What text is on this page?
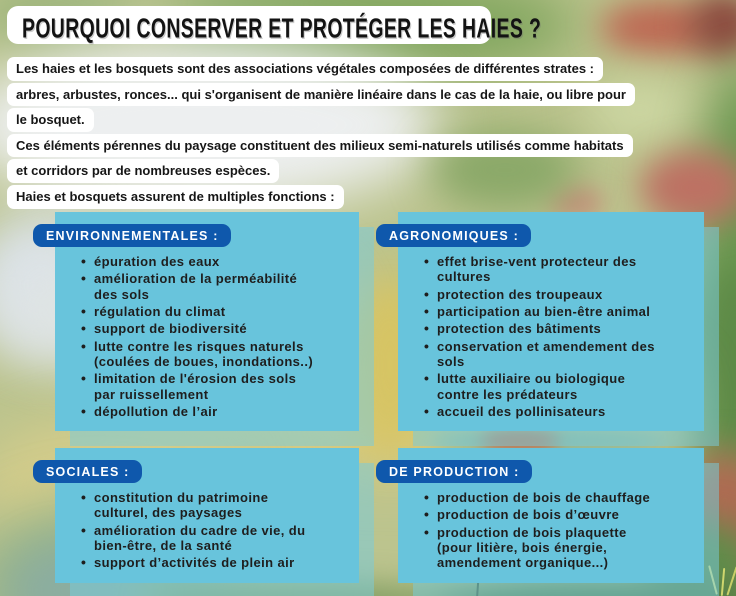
POURQUOI CONSERVER ET PROTÉGER LES HAIES ?
Les haies et les bosquets sont des associations végétales composées de différentes strates :
arbres, arbustes, ronces... qui s'organisent de manière linéaire dans le cas de la haie, ou libre pour
le bosquet.
Ces éléments pérennes du paysage constituent des milieux semi-naturels utilisés comme habitats
et corridors par de nombreuses espèces.
Haies et bosquets assurent de multiples fonctions :
ENVIRONNEMENTALES :
• épuration des eaux
• amélioration de la perméabilité
des sols
• régulation du climat
• support de biodiversité
• lutte contre les risques naturels
(coulées de boues, inondations..)
• limitation de l'érosion des sols
par ruissellement
• dépollution de l’air
AGRONOMIQUES :
• effet brise-vent protecteur des
cultures
• protection des troupeaux
• participation au bien-être animal
• protection des bâtiments
• conservation et amendement des
sols
• lutte auxiliaire ou biologique
contre les prédateurs
• accueil des pollinisateurs
SOCIALES :
• constitution du patrimoine
culturel, des paysages
• amélioration du cadre de vie, du
bien-être, de la santé
• support d’activités de plein air
DE PRODUCTION :
• production de bois de chauffage
• production de bois d’œuvre
• production de bois plaquette
(pour litière, bois énergie,
amendement organique...)
